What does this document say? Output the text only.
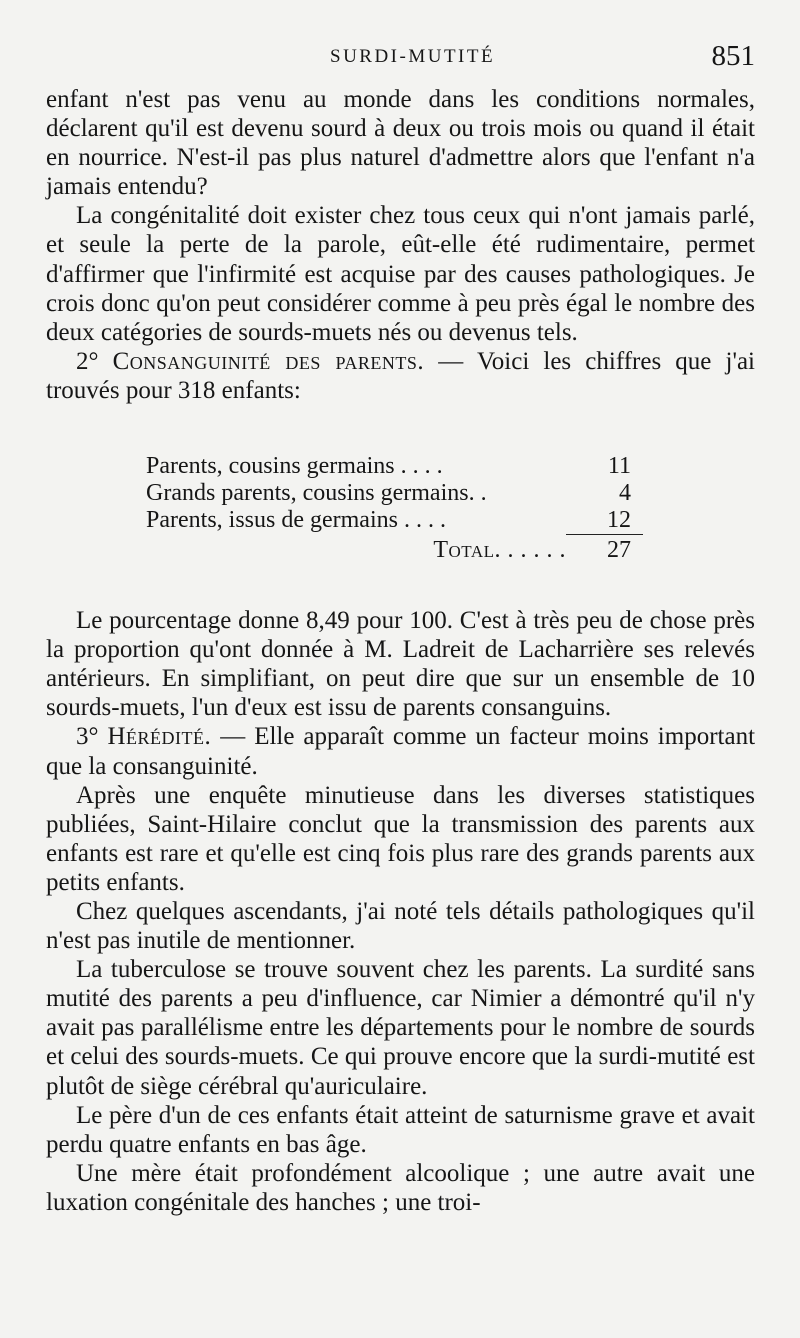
SURDI-MUTITÉ	851

enfant n'est pas venu au monde dans les conditions normales, déclarent qu'il est devenu sourd à deux ou trois mois ou quand il était en nourrice. N'est-il pas plus naturel d'admettre alors que l'enfant n'a jamais entendu?

La congénitalité doit exister chez tous ceux qui n'ont jamais parlé, et seule la perte de la parole, eût-elle été rudimentaire, permet d'affirmer que l'infirmité est acquise par des causes pathologiques. Je crois donc qu'on peut considérer comme à peu près égal le nombre des deux catégories de sourds-muets nés ou devenus tels.

2° Consanguinité des parents. — Voici les chiffres que j'ai trouvés pour 318 enfants:

Parents, cousins germains . . . .	11
Grands parents, cousins germains. .	4
Parents, issus de germains . . . .	12
Total. . . . . .	27

Le pourcentage donne 8,49 pour 100. C'est à très peu de chose près la proportion qu'ont donnée à M. Ladreit de Lacharrière ses relevés antérieurs. En simplifiant, on peut dire que sur un ensemble de 10 sourds-muets, l'un d'eux est issu de parents consanguins.

3° Hérédité. — Elle apparaît comme un facteur moins important que la consanguinité.

Après une enquête minutieuse dans les diverses statistiques publiées, Saint-Hilaire conclut que la transmission des parents aux enfants est rare et qu'elle est cinq fois plus rare des grands parents aux petits enfants.

Chez quelques ascendants, j'ai noté tels détails pathologiques qu'il n'est pas inutile de mentionner.

La tuberculose se trouve souvent chez les parents. La surdité sans mutité des parents a peu d'influence, car Nimier a démontré qu'il n'y avait pas parallélisme entre les départements pour le nombre de sourds et celui des sourds-muets. Ce qui prouve encore que la surdi-mutité est plutôt de siège cérébral qu'auriculaire.

Le père d'un de ces enfants était atteint de saturnisme grave et avait perdu quatre enfants en bas âge.

Une mère était profondément alcoolique ; une autre avait une luxation congénitale des hanches ; une troi-
